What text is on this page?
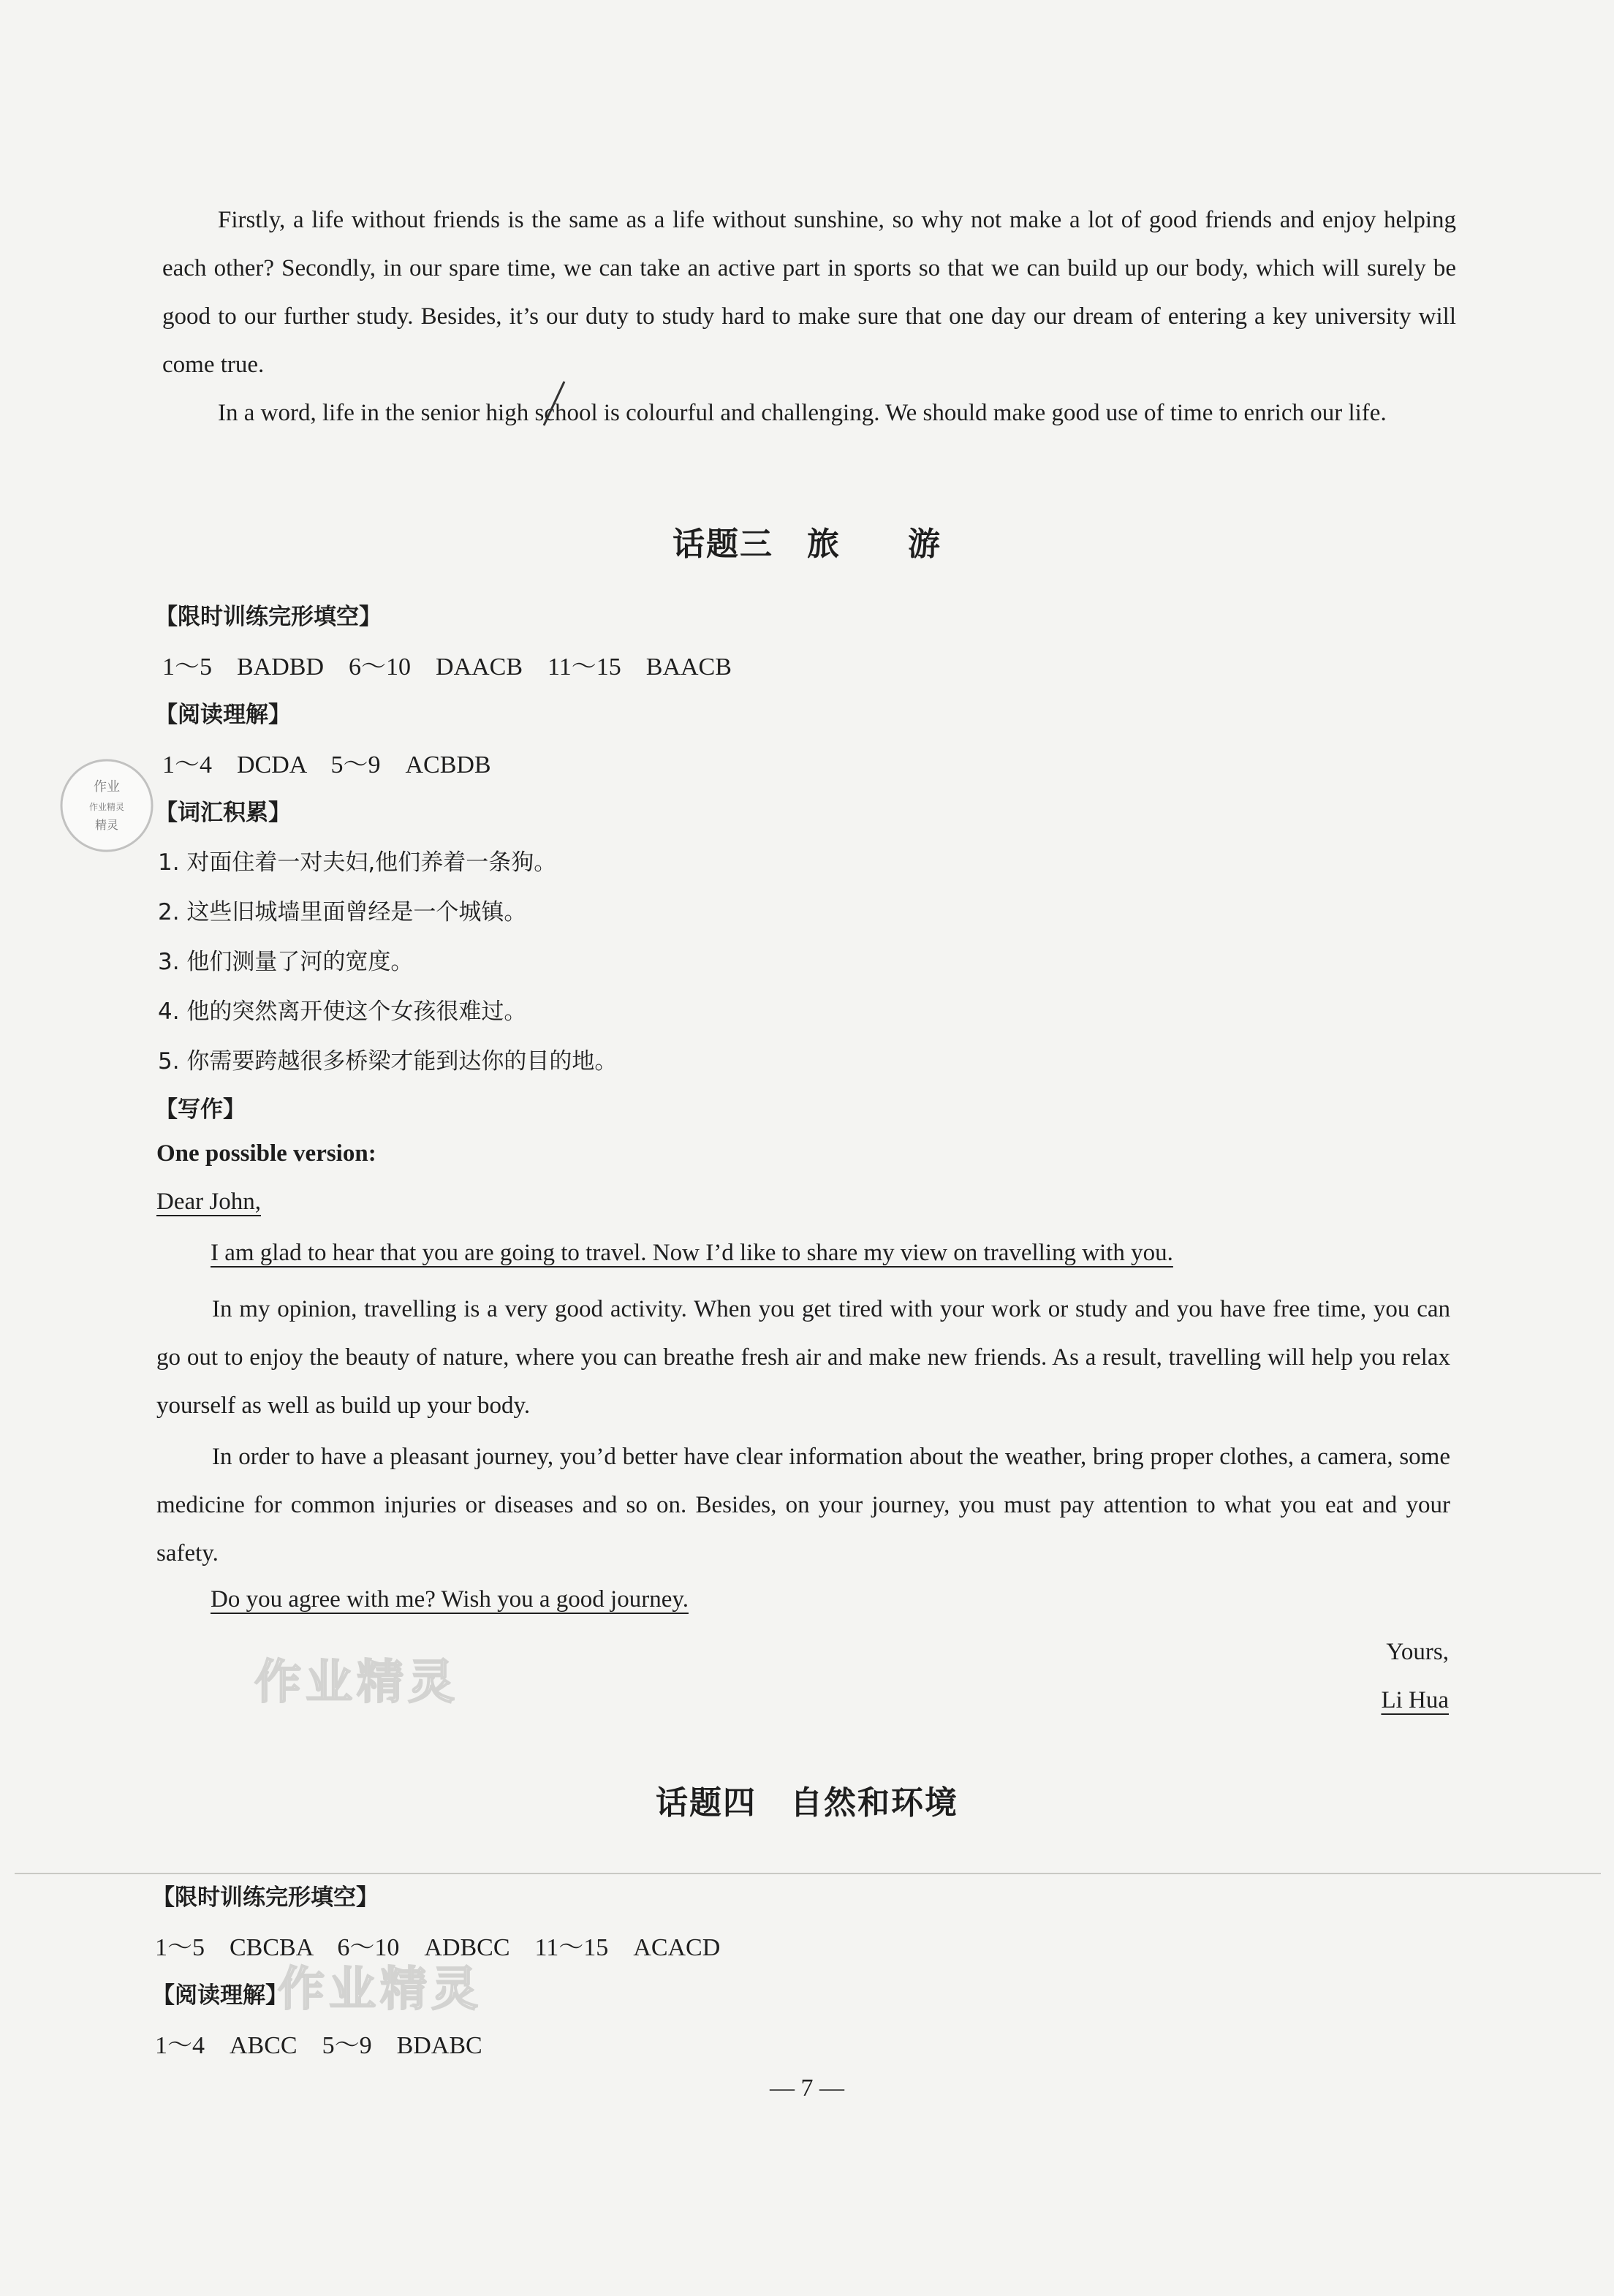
Firstly, a life without friends is the same as a life without sunshine, so why not make a lot of good friends and enjoy helping each other? Secondly, in our spare time, we can take an active part in sports so that we can build up our body, which will surely be good to our further study. Besides, it’s our duty to study hard to make sure that one day our dream of entering a key university will come true.

In a word, life in the senior high school is colourful and challenging. We should make good use of time to enrich our life.

话题三　旅　　游

【限时训练完形填空】

1～5　BADBD　6～10　DAACB　11～15　BAACB

【阅读理解】

1～4　DCDA　5～9　ACBDB

【词汇积累】

1. 对面住着一对夫妇,他们养着一条狗。

2. 这些旧城墙里面曾经是一个城镇。

3. 他们测量了河的宽度。

4. 他的突然离开使这个女孩很难过。

5. 你需要跨越很多桥梁才能到达你的目的地。

【写作】

One possible version:

Dear John,

I am glad to hear that you are going to travel. Now I’d like to share my view on travelling with you.

In my opinion, travelling is a very good activity. When you get tired with your work or study and you have free time, you can go out to enjoy the beauty of nature, where you can breathe fresh air and make new friends. As a result, travelling will help you relax yourself as well as build up your body.

In order to have a pleasant journey, you’d better have clear information about the weather, bring proper clothes, a camera, some medicine for common injuries or diseases and so on. Besides, on your journey, you must pay attention to what you eat and your safety.

Do you agree with me? Wish you a good journey.

Yours,

Li Hua

话题四　自然和环境

【限时训练完形填空】

1～5　CBCBA　6～10　ADBCC　11～15　ACACD

【阅读理解】

1～4　ABCC　5～9　BDABC

— 7 —

作业精灵
作业精灵
作业
作业精灵
精灵
